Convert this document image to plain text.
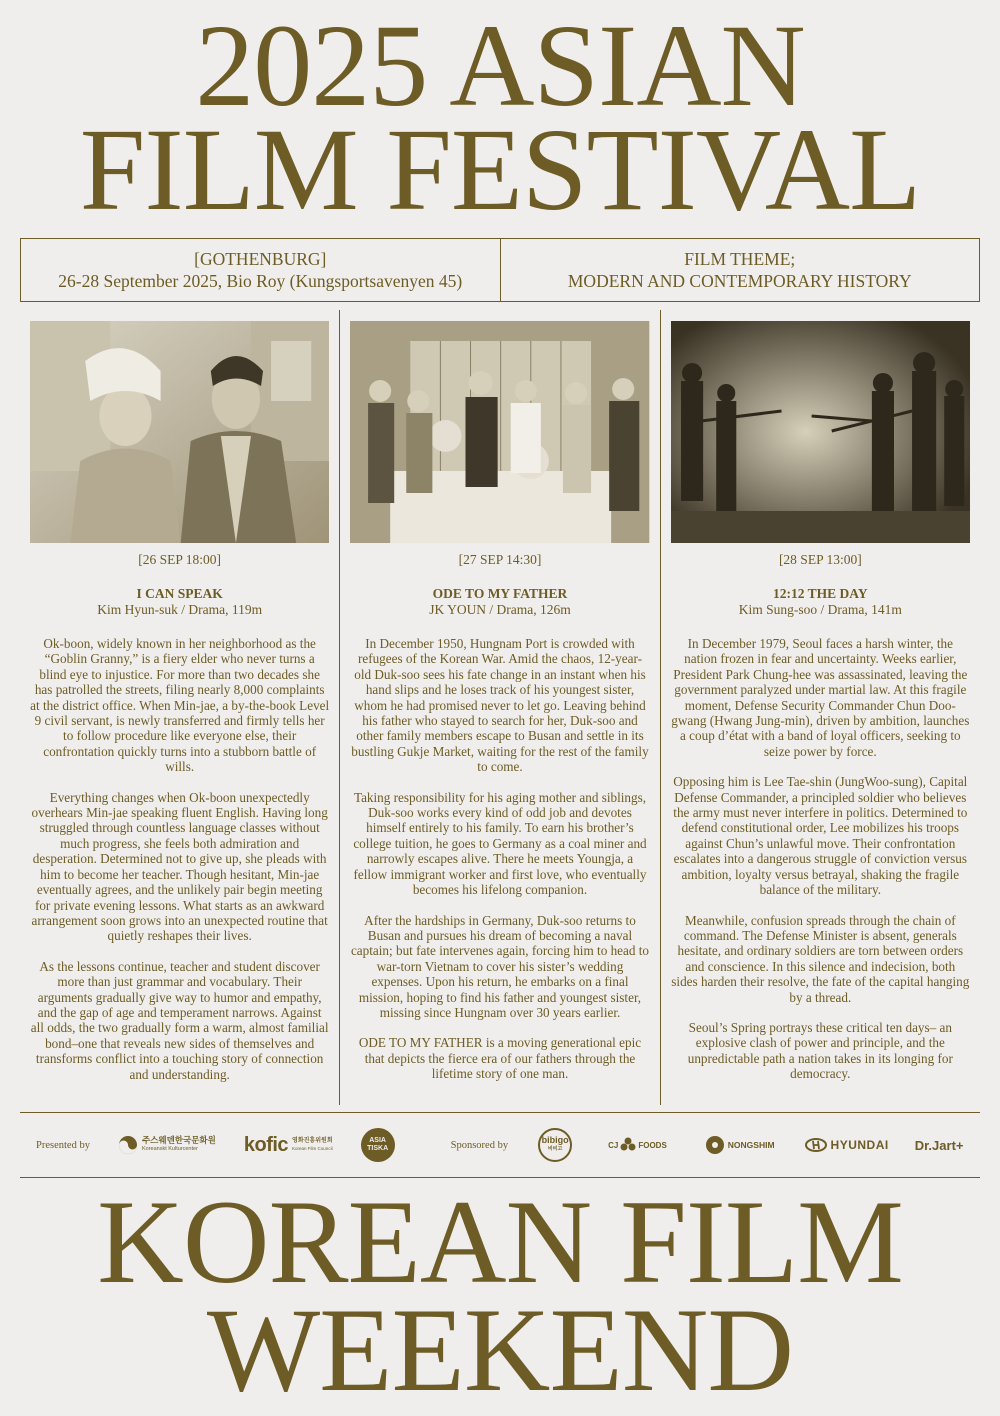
2025 ASIAN
FILM FESTIVAL
[GOTHENBURG]
26-28 September 2025, Bio Roy (Kungsportsavenyen 45)
FILM THEME;
MODERN AND CONTEMPORARY HISTORY
[26 SEP 18:00]
I CAN SPEAK
Kim Hyun-suk / Drama, 119m

Ok-boon, widely known in her neighborhood as the “Goblin Granny,” is a fiery elder who never turns a blind eye to injustice. For more than two decades she has patrolled the streets, filing nearly 8,000 complaints at the district office. When Min-jae, a by-the-book Level 9 civil servant, is newly transferred and firmly tells her to follow procedure like everyone else, their confrontation quickly turns into a stubborn battle of wills.

Everything changes when Ok-boon unexpectedly overhears Min-jae speaking fluent English. Having long struggled through countless language classes without much progress, she feels both admiration and desperation. Determined not to give up, she pleads with him to become her teacher. Though hesitant, Min-jae eventually agrees, and the unlikely pair begin meeting for private evening lessons. What starts as an awkward arrangement soon grows into an unexpected routine that quietly reshapes their lives.

As the lessons continue, teacher and student discover more than just grammar and vocabulary. Their arguments gradually give way to humor and empathy, and the gap of age and temperament narrows. Against all odds, the two gradually form a warm, almost familial bond–one that reveals new sides of themselves and transforms conflict into a touching story of connection and understanding.

[27 SEP 14:30]
ODE TO MY FATHER
JK YOUN / Drama, 126m

In December 1950, Hungnam Port is crowded with refugees of the Korean War. Amid the chaos, 12-year-old Duk-soo sees his fate change in an instant when his hand slips and he loses track of his youngest sister, whom he had promised never to let go. Leaving behind his father who stayed to search for her, Duk-soo and other family members escape to Busan and settle in its bustling Gukje Market, waiting for the rest of the family to come.

Taking responsibility for his aging mother and siblings, Duk-soo works every kind of odd job and devotes himself entirely to his family. To earn his brother’s college tuition, he goes to Germany as a coal miner and narrowly escapes alive. There he meets Youngja, a fellow immigrant worker and first love, who eventually becomes his lifelong companion.

After the hardships in Germany, Duk-soo returns to Busan and pursues his dream of becoming a naval captain; but fate intervenes again, forcing him to head to war-torn Vietnam to cover his sister’s wedding expenses. Upon his return, he embarks on a final mission, hoping to find his father and youngest sister, missing since Hungnam over 30 years earlier.

ODE TO MY FATHER is a moving generational epic that depicts the fierce era of our fathers through the lifetime story of one man.

[28 SEP 13:00]
12:12 THE DAY
Kim Sung-soo / Drama, 141m

In December 1979, Seoul faces a harsh winter, the nation frozen in fear and uncertainty. Weeks earlier, President Park Chung-hee was assassinated, leaving the government paralyzed under martial law. At this fragile moment, Defense Security Commander Chun Doo-gwang (Hwang Jung-min), driven by ambition, launches a coup d’état with a band of loyal officers, seeking to seize power by force.

Opposing him is Lee Tae-shin (JungWoo-sung), Capital Defense Commander, a principled soldier who believes the army must never interfere in politics. Determined to defend constitutional order, Lee mobilizes his troops against Chun’s unlawful move. Their confrontation escalates into a dangerous struggle of conviction versus ambition, loyalty versus betrayal, shaking the fragile balance of the military.

Meanwhile, confusion spreads through the chain of command. The Defense Minister is absent, generals hesitate, and ordinary soldiers are torn between orders and conscience. In this silence and indecision, both sides harden their resolve, the fate of the capital hanging by a thread.

Seoul’s Spring portrays these critical ten days– an explosive clash of power and principle, and the unpredictable path a nation takes in its longing for democracy.

Presented by	주스웨덴한국문화원
Koreanskt Kulturcenter	kofic 영화진흥위원회
Korean Film Council
ASIA
TISKA	Sponsored by	bibigo
비비고	CJ	FOODS	NONGSHIM	HYUNDAI Dr.Jart+
KOREAN FILM
WEEKEND
